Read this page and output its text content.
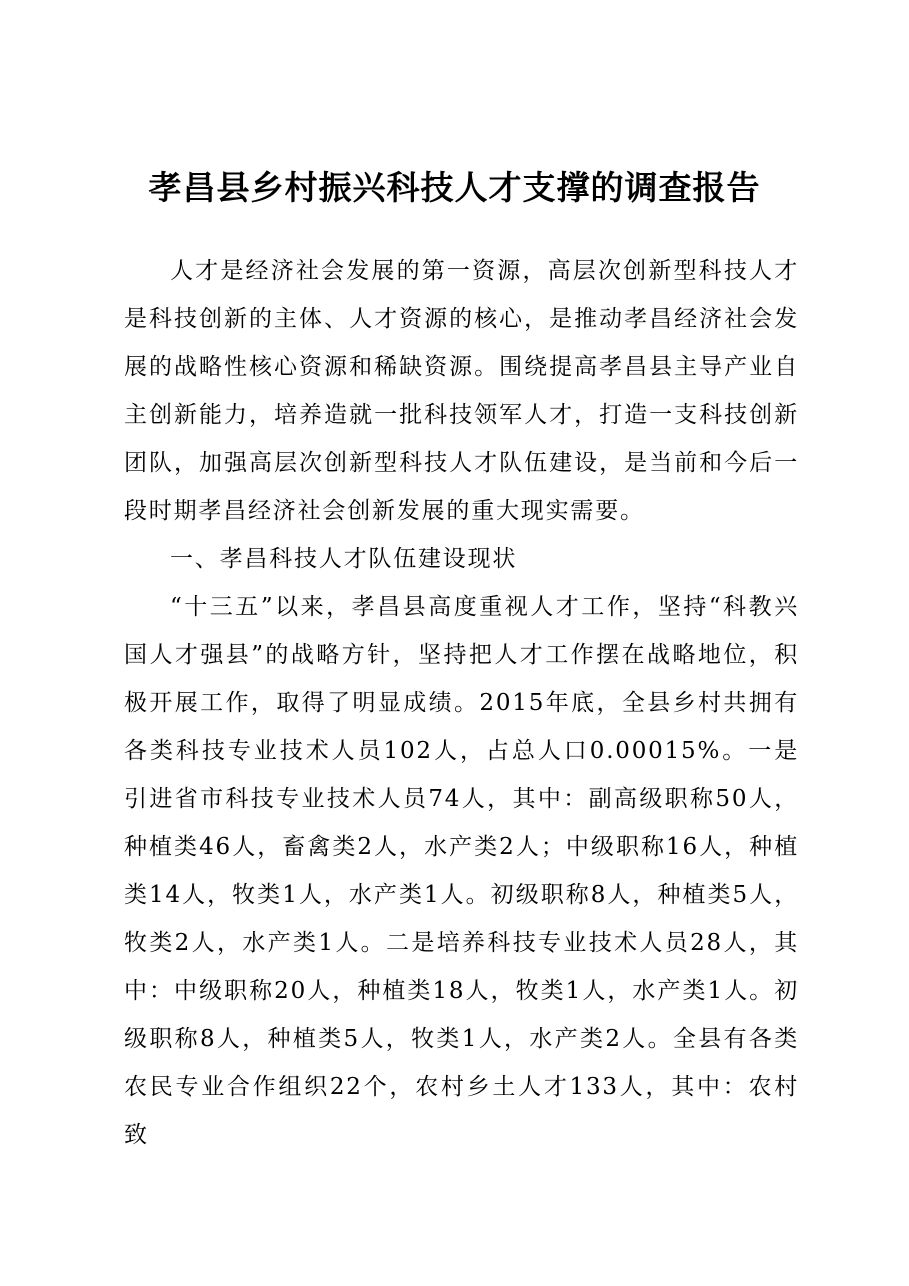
孝昌县乡村振兴科技人才支撑的调查报告

人才是经济社会发展的第一资源，高层次创新型科技人才是科技创新的主体、人才资源的核心，是推动孝昌经济社会发展的战略性核心资源和稀缺资源。围绕提高孝昌县主导产业自主创新能力，培养造就一批科技领军人才，打造一支科技创新团队，加强高层次创新型科技人才队伍建设，是当前和今后一段时期孝昌经济社会创新发展的重大现实需要。

一、孝昌科技人才队伍建设现状

“十三五”以来，孝昌县高度重视人才工作，坚持“科教兴国人才强县”的战略方针，坚持把人才工作摆在战略地位，积极开展工作，取得了明显成绩。2015年底，全县乡村共拥有各类科技专业技术人员102人，占总人口0.00015%。一是引进省市科技专业技术人员74人，其中：副高级职称50人，种植类46人，畜禽类2人，水产类2人；中级职称16人，种植类14人，牧类1人，水产类1人。初级职称8人，种植类5人，牧类2人，水产类1人。二是培养科技专业技术人员28人，其中：中级职称20人，种植类18人，牧类1人，水产类1人。初级职称8人，种植类5人，牧类1人，水产类2人。全县有各类农民专业合作组织22个，农村乡土人才133人，其中：农村致
